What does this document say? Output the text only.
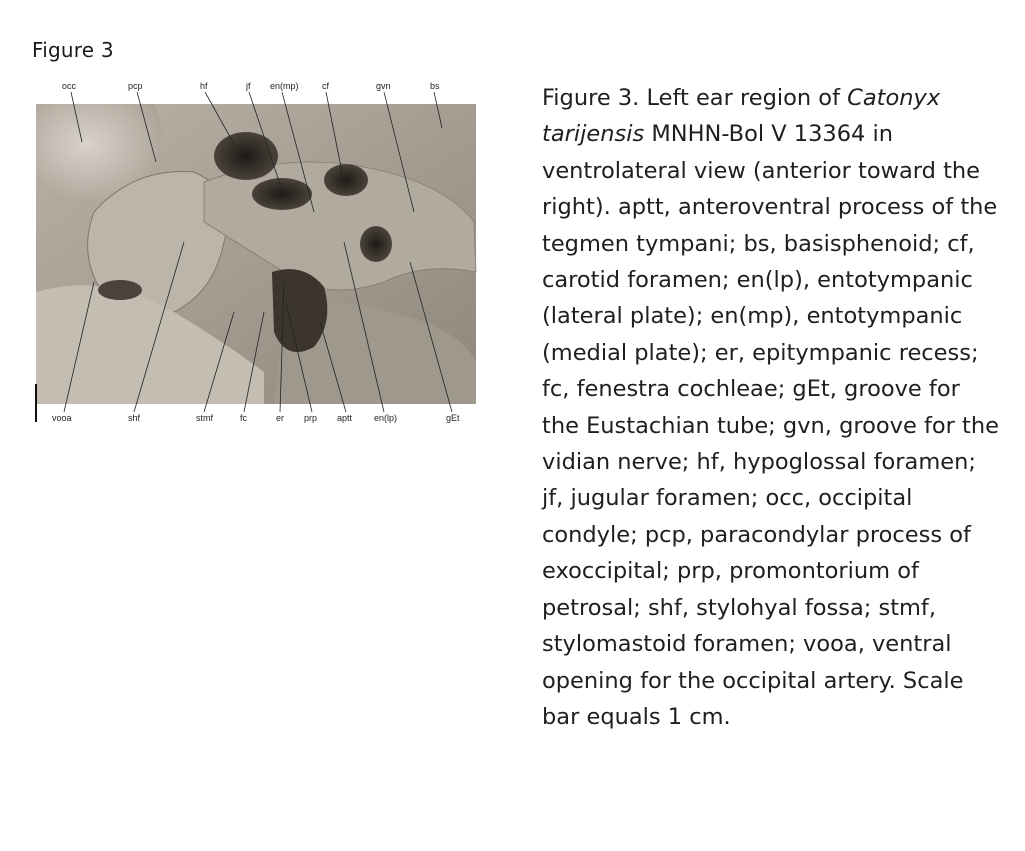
Figure 3
occ	pcp	hf	jf en(mp)	cf	gvn	bs
vooa	shf	stmf	fc	er prp aptt en(lp)	gEt
Figure 3. Left ear region of Catonyx tarijensis MNHN-Bol V 13364 in ventrolateral view (anterior toward the right). aptt, anteroventral process of the tegmen tympani; bs, basisphenoid; cf, carotid foramen; en(lp), entotympanic (lateral plate); en(mp), entotympanic (medial plate); er, epitympanic recess; fc, fenestra cochleae; gEt, groove for the Eustachian tube; gvn, groove for the vidian nerve; hf, hypoglossal foramen; jf, jugular foramen; occ, occipital condyle; pcp, paracondylar process of exoccipital; prp, promontorium of petrosal; shf, stylohyal fossa; stmf, stylomastoid foramen; vooa, ventral opening for the occipital artery. Scale bar equals 1 cm.
